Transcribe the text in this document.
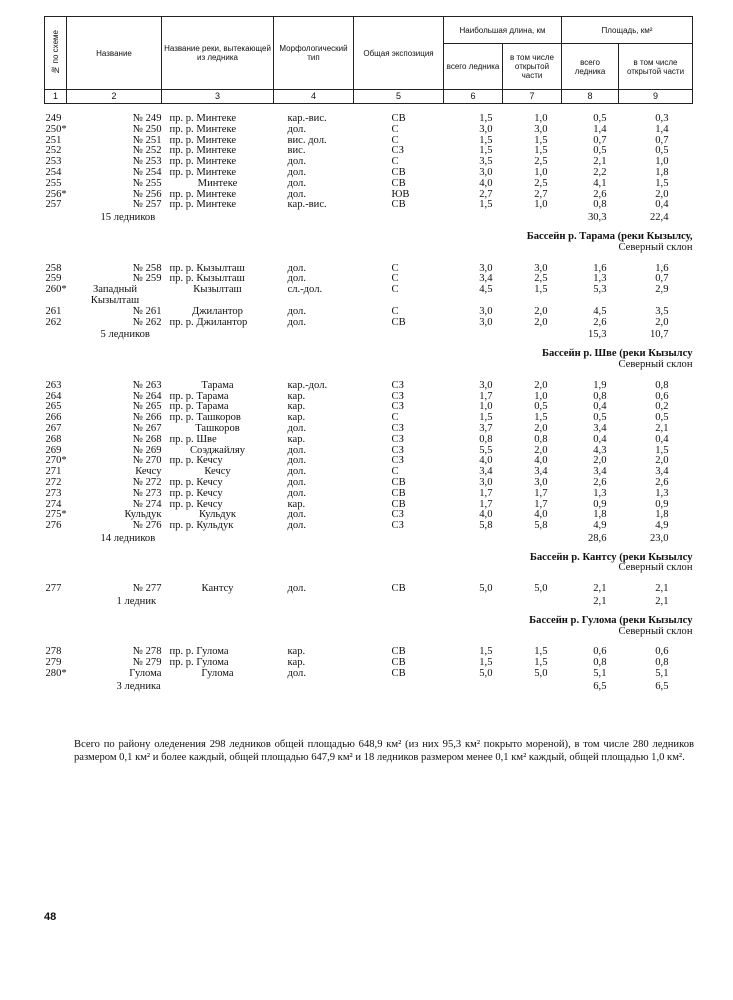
№ по схеме	Название	Название реки, вытекающей из ледника	Морфологический тип	Общая экспозиция	Наибольшая длина, км		Площадь, км²	
					всего ледника	в том числе открытой части	всего ледника	в том числе открытой части
1	2	3	4	5	6	7	8	9

249	№ 249	пр. р. Минтеке	кар.-вис.	СВ	1,5	1,0	0,5	0,3
250*	№ 250	пр. р. Минтеке	дол.	С	3,0	3,0	1,4	1,4
251	№ 251	пр. р. Минтеке	вис. дол.	С	1,5	1,5	0,7	0,7
252	№ 252	пр. р. Минтеке	вис.	СЗ	1,5	1,5	0,5	0,5
253	№ 253	пр. р. Минтеке	дол.	С	3,5	2,5	2,1	1,0
254	№ 254	пр. р. Минтеке	дол.	СВ	3,0	1,0	2,2	1,8
255	№ 255	Минтеке	дол.	СВ	4,0	2,5	4,1	1,5
256*	№ 256	пр. р. Минтеке	дол.	ЮВ	2,7	2,7	2,6	2,0
257	№ 257	пр. р. Минтеке	кар.-вис.	СВ	1,5	1,0	0,8	0,4
15 ледников							30,3	22,4
Бассейн р. Тарама (реки Кызылсу,								
Северный склон								
258	№ 258	пр. р. Кызылташ	дол.	С	3,0	3,0	1,6	1,6
259	№ 259	пр. р. Кызылташ	дол.	С	3,4	2,5	1,3	0,7
260*	Западный Кызылташ	Кызылташ	сл.-дол.	С	4,5	1,5	5,3	2,9
261	№ 261	Джилантор	дол.	С	3,0	2,0	4,5	3,5
262	№ 262	пр. р. Джилантор	дол.	СВ	3,0	2,0	2,6	2,0
5 ледников							15,3	10,7
Бассейн р. Шве (реки Кызылсу								
Северный склон								
263	№ 263	Тарама	кар.-дол.	СЗ	3,0	2,0	1,9	0,8
264	№ 264	пр. р. Тарама	кар.	СЗ	1,7	1,0	0,8	0,6
265	№ 265	пр. р. Тарама	кар.	СЗ	1,0	0,5	0,4	0,2
266	№ 266	пр. р. Ташкоров	кар.	С	1,5	1,5	0,5	0,5
267	№ 267	Ташкоров	дол.	СЗ	3,7	2,0	3,4	2,1
268	№ 268	пр. р. Шве	кар.	СЗ	0,8	0,8	0,4	0,4
269	№ 269	Соэджайляу	дол.	СЗ	5,5	2,0	4,3	1,5
270*	№ 270	пр. р. Кечсу	дол.	СЗ	4,0	4,0	2,0	2,0
271	Кечсу	Кечсу	дол.	С	3,4	3,4	3,4	3,4
272	№ 272	пр. р. Кечсу	дол.	СВ	3,0	3,0	2,6	2,6
273	№ 273	пр. р. Кечсу	дол.	СВ	1,7	1,7	1,3	1,3
274	№ 274	пр. р. Кечсу	кар.	СВ	1,7	1,7	0,9	0,9
275*	Кульдук	Кульдук	дол.	СЗ	4,0	4,0	1,8	1,8
276	№ 276	пр. р. Кульдук	дол.	СЗ	5,8	5,8	4,9	4,9
14 ледников							28,6	23,0
Бассейн р. Кантсу (реки Кызылсу								
Северный склон								
277	№ 277	Кантсу	дол.	СВ	5,0	5,0	2,1	2,1
1 ледник							2,1	2,1
Бассейн р. Гулома (реки Кызылсу								
Северный склон								
278	№ 278	пр. р. Гулома	кар.	СВ	1,5	1,5	0,6	0,6
279	№ 279	пр. р. Гулома	кар.	СВ	1,5	1,5	0,8	0,8
280*	Гулома	Гулома	дол.	СВ	5,0	5,0	5,1	5,1
3 ледника							6,5	6,5
Всего по району оледенения 298 ледников общей площадью 648,9 км² (из них 95,3 км² покрыто мореной), в том числе 280 ледников размером 0,1 км² и более каждый, общей площадью 647,9 км² и 18 ледников размером менее 0,1 км² каждый, общей площадью 1,0 км².
48
